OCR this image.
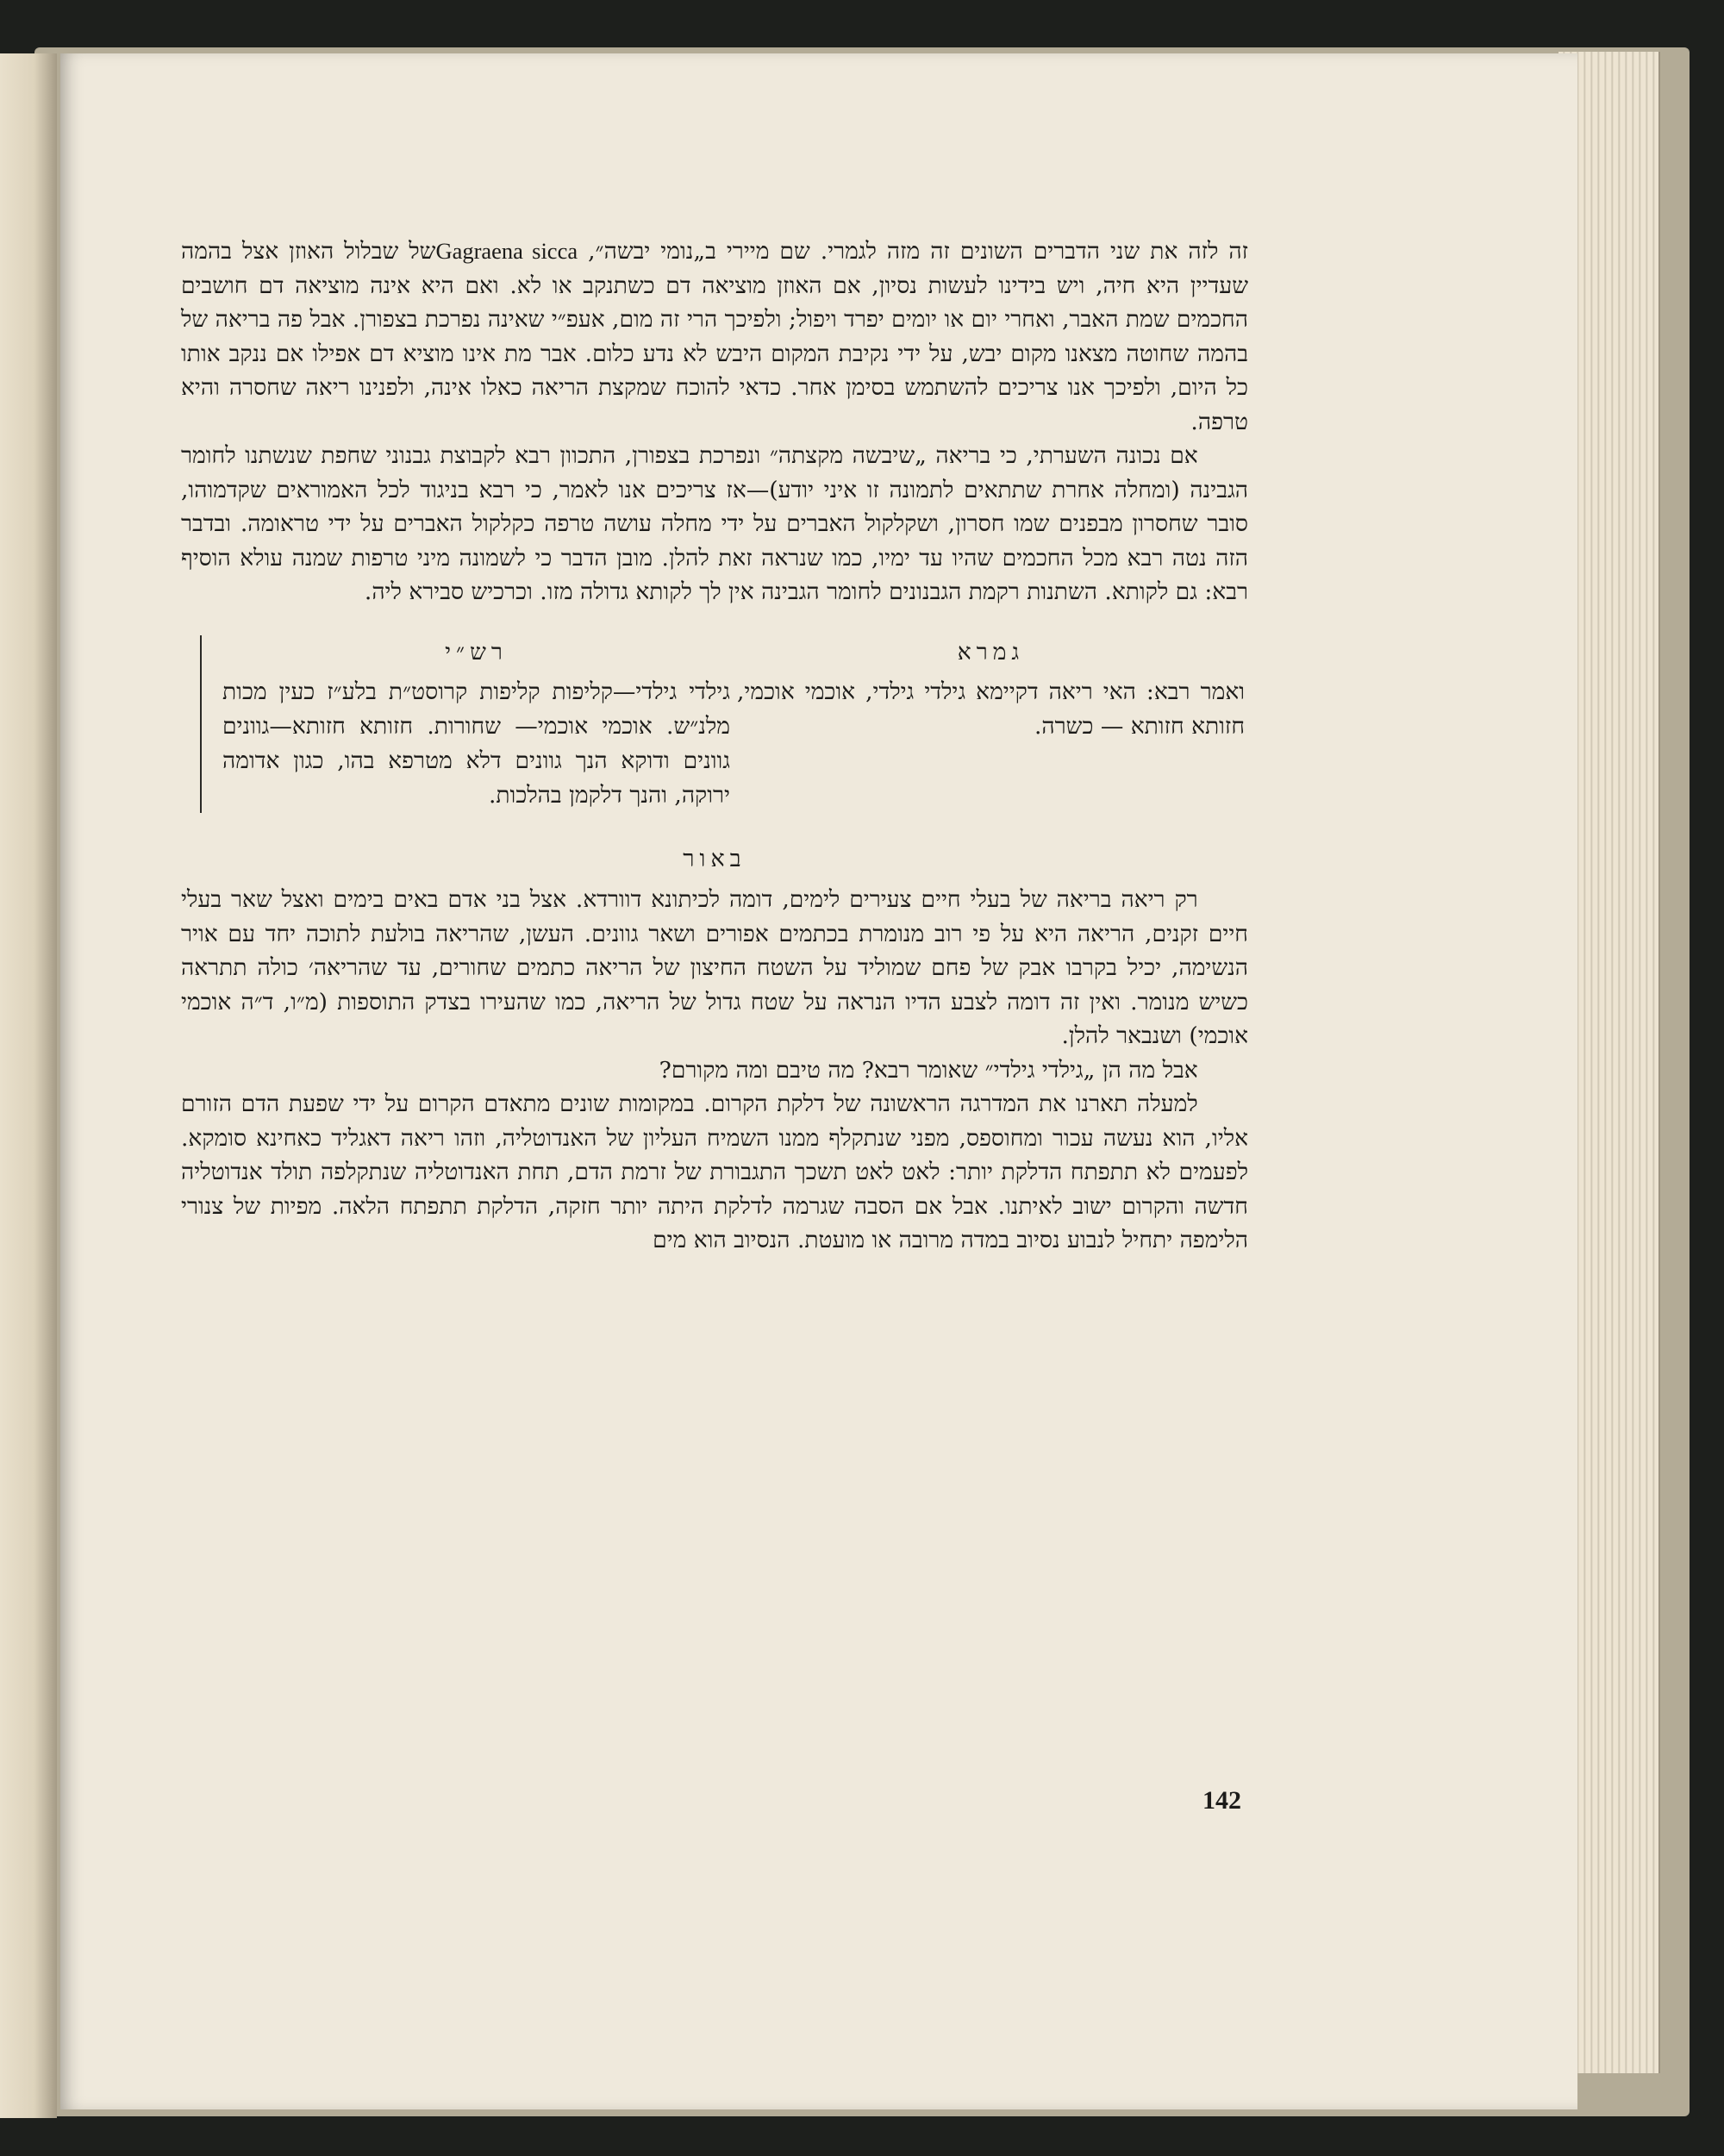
זה לזה את שני הדברים השונים זה מזה לגמרי. שם מיירי ב„נומי יבשה״, Gagraena siccaשל שבלול האוזן אצל בהמה שעדיין היא חיה, ויש בידינו לעשות נסיון, אם האוזן מוציאה דם כשתנקב או לא. ואם היא אינה מוציאה דם חושבים החכמים שמת האבר, ואחרי יום או יומים יפרד ויפול; ולפיכך הרי זה מום, אעפ״י שאינה נפרכת בצפורן. אבל פה בריאה של בהמה שחוטה מצאנו מקום יבש, על ידי נקיבת המקום היבש לא נדע כלום. אבר מת אינו מוציא דם אפילו אם ננקב אותו כל היום, ולפיכך אנו צריכים להשתמש בסימן אחר. כדאי להוכח שמקצת הריאה כאלו אינה, ולפנינו ריאה שחסרה והיא טרפה.

אם נכונה השערתי, כי בריאה „שיבשה מקצתה״ ונפרכת בצפורן, התכוון רבא לקבוצת גבנוני שחפת שנשתנו לחומר הגבינה (ומחלה אחרת שתתאים לתמונה זו איני יודע)—אז צריכים אנו לאמר, כי רבא בניגוד לכל האמוראים שקדמוהו, סובר שחסרון מבפנים שמו חסרון, ושקלקול האברים על ידי מחלה עושה טרפה כקלקול האברים על ידי טראומה. ובדבר הזה נטה רבא מכל החכמים שהיו עד ימיו, כמו שנראה זאת להלן. מובן הדבר כי לשמונה מיני טרפות שמנה עולא הוסיף רבא: גם לקותא. השתנות רקמת הגבנונים לחומר הגבינה אין לך לקותא גדולה מזו. וכרכיש סבירא ליה.

גמרא
ואמר רבא: האי ריאה דקיימא גילדי גילדי, אוכמי אוכמי, חזותא חזותא — כשרה.
רש״י
גילדי גילדי—קליפות קליפות קרוסט״ת בלע״ז כעין מכות מלנ״ש. אוכמי אוכמי— שחורות. חזותא חזותא—גוונים גוונים ודוקא הנך גוונים דלא מטרפא בהו, כגון אדומה ירוקה, והנך דלקמן בהלכות.
באור

רק ריאה בריאה של בעלי חיים צעירים לימים, דומה לכיתונא דוורדא. אצל בני אדם באים בימים ואצל שאר בעלי חיים זקנים, הריאה היא על פי רוב מנומרת בכתמים אפורים ושאר גוונים. העשן, שהריאה בולעת לתוכה יחד עם אויר הנשימה, יכיל בקרבו אבק של פחם שמוליד על השטח החיצון של הריאה כתמים שחורים, עד שהריאה׳ כולה תתראה כשיש מנומר. ואין זה דומה לצבע הדיו הנראה על שטח גדול של הריאה, כמו שהעירו בצדק התוספות (מ״ו, ד״ה אוכמי אוכמי) ושנבאר להלן.

אבל מה הן „גילדי גילדי״ שאומר רבא? מה טיבם ומה מקורם?

למעלה תארנו את המדרגה הראשונה של דלקת הקרום. במקומות שונים מתאדם הקרום על ידי שפעת הדם הזורם אליו, הוא נעשה עכור ומחוספס, מפני שנתקלף ממנו השמיח העליון של האנדוטליה, וזהו ריאה דאגליד כאחינא סומקא. לפעמים לא תתפתח הדלקת יותר: לאט לאט תשכך התגבורת של זרמת הדם, תחת האנדוטליה שנתקלפה תולד אנדוטליה חדשה והקרום ישוב לאיתנו. אבל אם הסבה שגרמה לדלקת היתה יותר חזקה, הדלקת תתפתח הלאה. מפיות של צנורי הלימפה יתחיל לנבוע נסיוב במדה מרובה או מועטת. הנסיוב הוא מים

142
